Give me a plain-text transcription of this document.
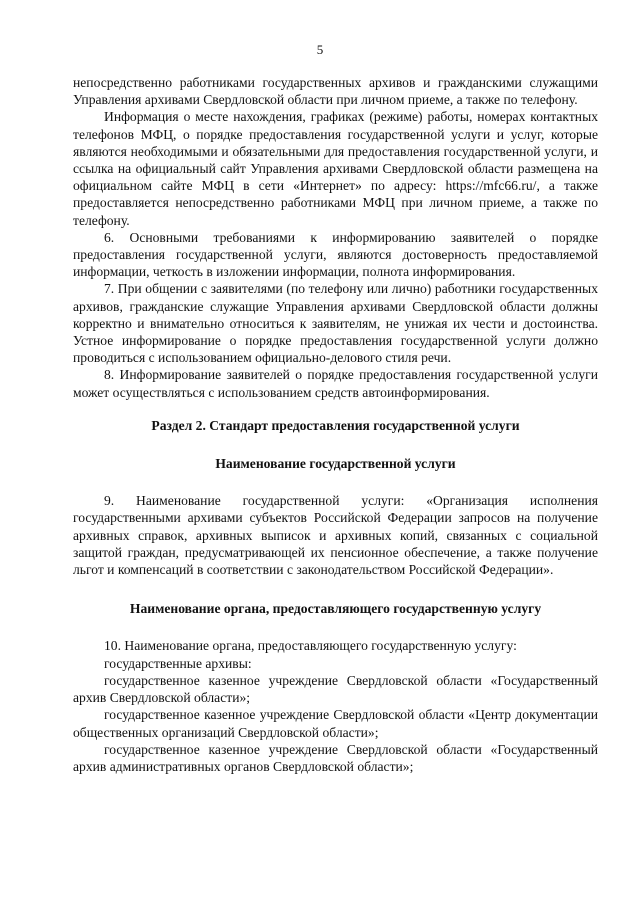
5

непосредственно работниками государственных архивов и гражданскими служащими Управления архивами Свердловской области при личном приеме, а также по телефону.

Информация о месте нахождения, графиках (режиме) работы, номерах контактных телефонов МФЦ, о порядке предоставления государственной услуги и услуг, которые являются необходимыми и обязательными для предоставления государственной услуги, и ссылка на официальный сайт Управления архивами Свердловской области размещена на официальном сайте МФЦ в сети «Интернет» по адресу: https://mfc66.ru/, а также предоставляется непосредственно работниками МФЦ при личном приеме, а также по телефону.

6. Основными требованиями к информированию заявителей о порядке предоставления государственной услуги, являются достоверность предоставляемой информации, четкость в изложении информации, полнота информирования.

7. При общении с заявителями (по телефону или лично) работники государственных архивов, гражданские служащие Управления архивами Свердловской области должны корректно и внимательно относиться к заявителям, не унижая их чести и достоинства. Устное информирование о порядке предоставления государственной услуги должно проводиться с использованием официально-делового стиля речи.

8. Информирование заявителей о порядке предоставления государственной услуги может осуществляться с использованием средств автоинформирования.

Раздел 2. Стандарт предоставления государственной услуги

Наименование государственной услуги

9. Наименование государственной услуги: «Организация исполнения государственными архивами субъектов Российской Федерации запросов на получение архивных справок, архивных выписок и архивных копий, связанных с социальной защитой граждан, предусматривающей их пенсионное обеспечение, а также получение льгот и компенсаций в соответствии с законодательством Российской Федерации».

Наименование органа, предоставляющего государственную услугу

10. Наименование органа, предоставляющего государственную услугу:

государственные архивы:

государственное казенное учреждение Свердловской области «Государственный архив Свердловской области»;

государственное казенное учреждение Свердловской области «Центр документации общественных организаций Свердловской области»;

государственное казенное учреждение Свердловской области «Государственный архив административных органов Свердловской области»;
